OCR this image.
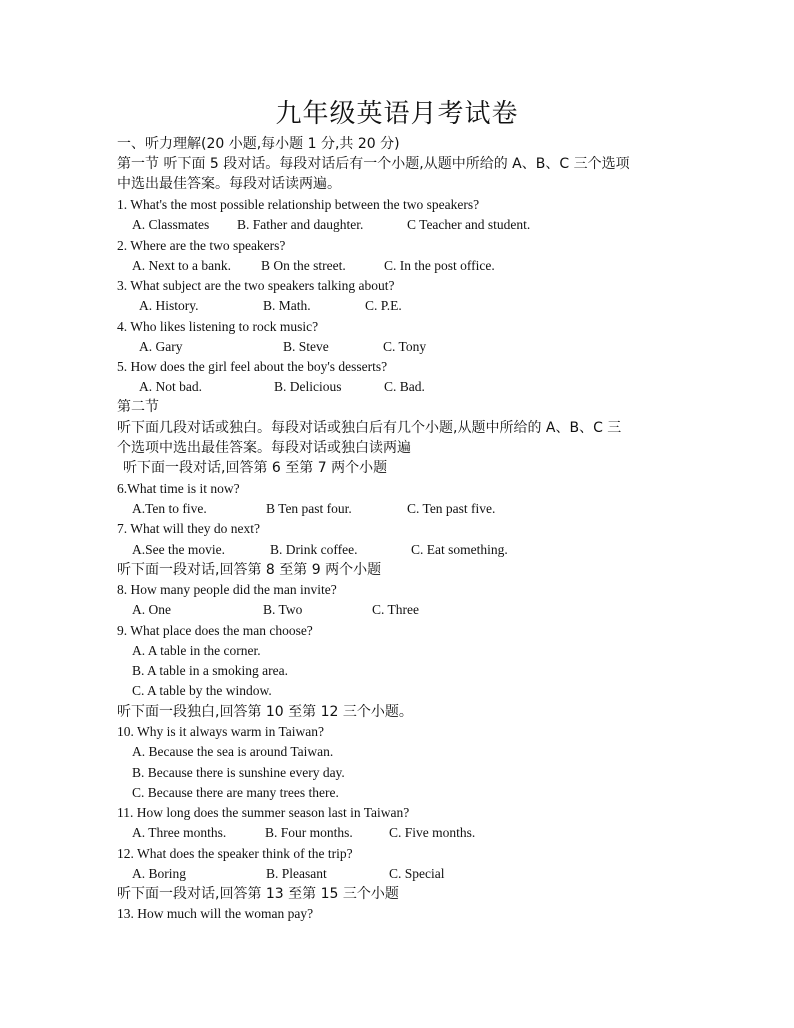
九年级英语月考试卷
一、听力理解(20 小题,每小题 1 分,共 20 分)
第一节 听下面 5 段对话。每段对话后有一个小题,从题中所给的 A、B、C 三个选项
中选出最佳答案。每段对话读两遍。
1. What's the most possible relationship between the two speakers?
A. Classmates B. Father and daughter.	C Teacher and student.
2. Where are the two speakers?
A. Next to a bank. B On the street.	C. In the post office.
3. What subject are the two speakers talking about?
A. History.	B. Math.	C. P.E.
4. Who likes listening to rock music?
A. Gary	B. Steve	C. Tony
5. How does the girl feel about the boy's desserts?
A. Not bad.	B. Delicious	C. Bad.
第二节
听下面几段对话或独白。每段对话或独白后有几个小题,从题中所给的 A、B、C 三
个选项中选出最佳答案。每段对话或独白读两遍
听下面一段对话,回答第 6 至第 7 两个小题
6.What time is it now?
A.Ten to five.	B Ten past four.	C. Ten past five.
7. What will they do next?
A.See the movie.	B. Drink coffee.	C. Eat something.
听下面一段对话,回答第 8 至第 9 两个小题
8. How many people did the man invite?
A. One	B. Two	C. Three
9. What place does the man choose?
A. A table in the corner.
B. A table in a smoking area.
C. A table by the window.
听下面一段独白,回答第 10 至第 12 三个小题。
10. Why is it always warm in Taiwan?
A. Because the sea is around Taiwan.
B. Because there is sunshine every day.
C. Because there are many trees there.
11. How long does the summer season last in Taiwan?
A. Three months.	B. Four months.	C. Five months.
12. What does the speaker think of the trip?
A. Boring	B. Pleasant	C. Special
听下面一段对话,回答第 13 至第 15 三个小题
13. How much will the woman pay?
